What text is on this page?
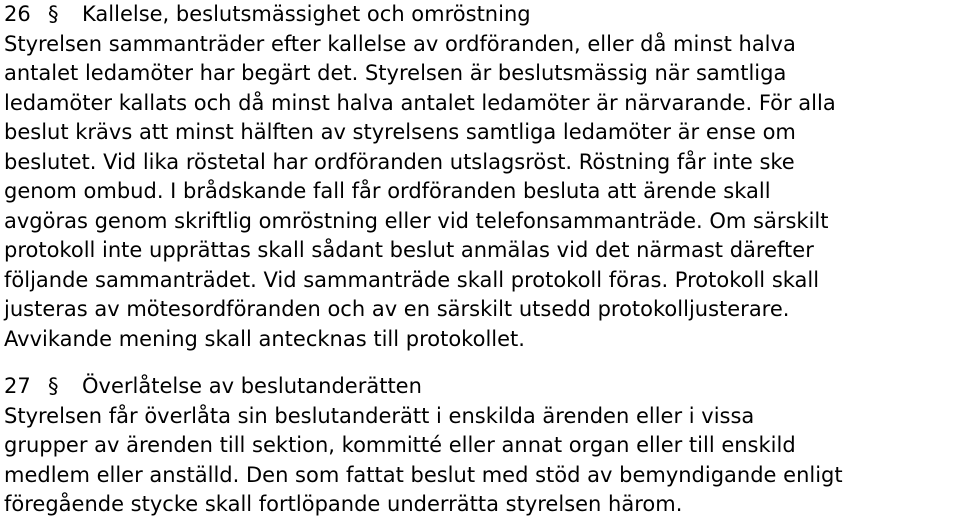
26 § Kallelse, beslutsmässighet och omröstning

Styrelsen sammanträder efter kallelse av ordföranden, eller då minst halva
antalet ledamöter har begärt det. Styrelsen är beslutsmässig när samtliga
ledamöter kallats och då minst halva antalet ledamöter är närvarande. För alla
beslut krävs att minst hälften av styrelsens samtliga ledamöter är ense om
beslutet. Vid lika röstetal har ordföranden utslagsröst. Röstning får inte ske
genom ombud. I brådskande fall får ordföranden besluta att ärende skall
avgöras genom skriftlig omröstning eller vid telefonsammanträde. Om särskilt
protokoll inte upprättas skall sådant beslut anmälas vid det närmast därefter
följande sammanträdet. Vid sammanträde skall protokoll föras. Protokoll skall
justeras av mötesordföranden och av en särskilt utsedd protokolljusterare.
Avvikande mening skall antecknas till protokollet.

27 § Överlåtelse av beslutanderätten

Styrelsen får överlåta sin beslutanderätt i enskilda ärenden eller i vissa
grupper av ärenden till sektion, kommitté eller annat organ eller till enskild
medlem eller anställd. Den som fattat beslut med stöd av bemyndigande enligt
föregående stycke skall fortlöpande underrätta styrelsen härom.
